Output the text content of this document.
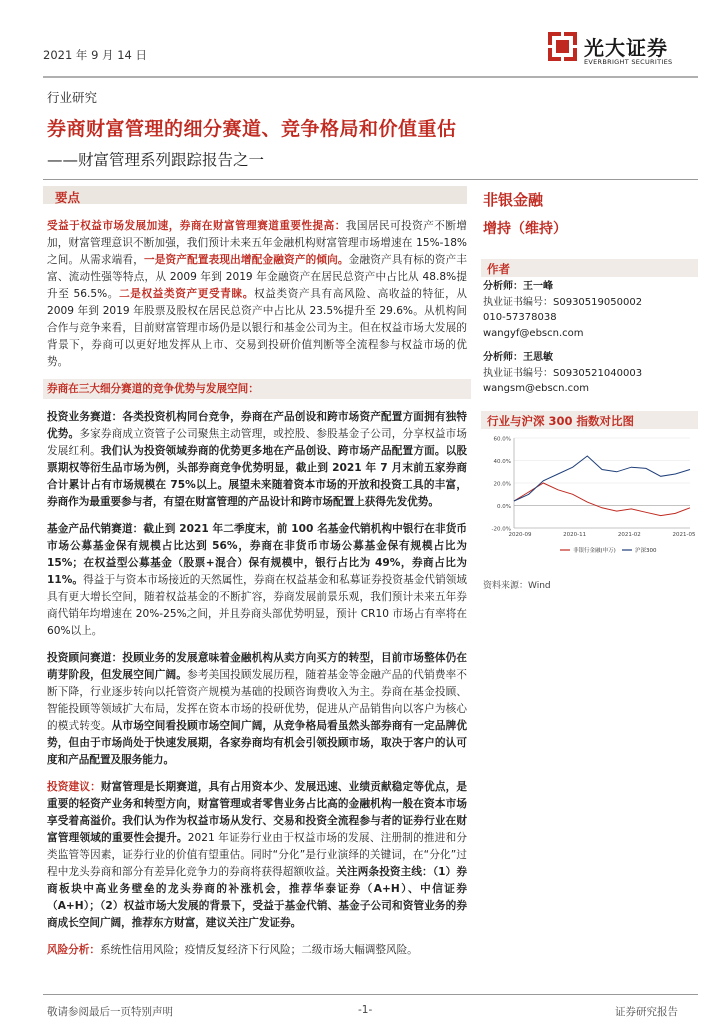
2021 年 9 月 14 日	光大证券
EVERBRIGHT SECURITIES
行业研究
券商财富管理的细分赛道、竞争格局和价值重估
——财富管理系列跟踪报告之一
要点

受益于权益市场发展加速，券商在财富管理赛道重要性提高：我国居民可投资产不断增加，财富管理意识不断加强，我们预计未来五年金融机构财富管理市场增速在 15%-18%之间。从需求端看，一是资产配置表现出增配金融资产的倾向。金融资产具有标的资产丰富、流动性强等特点，从 2009 年到 2019 年金融资产在居民总资产中占比从 48.8%提升至 56.5%。二是权益类资产更受青睐。权益类资产具有高风险、高收益的特征，从 2009 年到 2019 年股票及股权在居民总资产中占比从 23.5%提升至 29.6%。从机构间合作与竞争来看，目前财富管理市场仍是以银行和基金公司为主。但在权益市场大发展的背景下，券商可以更好地发挥从上市、交易到投研价值判断等全流程参与权益市场的优势。

券商在三大细分赛道的竞争优势与发展空间：

投资业务赛道：各类投资机构同台竞争，券商在产品创设和跨市场资产配置方面拥有独特优势。多家券商成立资管子公司聚焦主动管理，或控股、参股基金子公司，分享权益市场发展红利。我们认为投资领域券商的优势更多地在产品创设、跨市场产品配置方面。以股票期权等衍生品市场为例，头部券商竞争优势明显，截止到 2021 年 7 月末前五家券商合计累计占有市场规模在 75%以上。展望未来随着资本市场的开放和投资工具的丰富，券商作为最重要参与者，有望在财富管理的产品设计和跨市场配置上获得先发优势。

基金产品代销赛道：截止到 2021 年二季度末，前 100 名基金代销机构中银行在非货币市场公募基金保有规模占比达到 56%，券商在非货币市场公募基金保有规模占比为 15%；在权益型公募基金（股票+混合）保有规模中，银行占比为 49%，券商占比为 11%。得益于与资本市场接近的天然属性，券商在权益基金和私募证券投资基金代销领域具有更大增长空间，随着权益基金的不断扩容，券商发展前景乐观，我们预计未来五年券商代销年均增速在 20%-25%之间，并且券商头部优势明显，预计 CR10 市场占有率将在 60%以上。

投资顾问赛道：投顾业务的发展意味着金融机构从卖方向买方的转型，目前市场整体仍在萌芽阶段，但发展空间广阔。参考美国投顾发展历程，随着基金等金融产品的代销费率不断下降，行业逐步转向以托管资产规模为基础的投顾咨询费收入为主。券商在基金投顾、智能投顾等领域扩大布局，发挥在资本市场的投研优势，促进从产品销售向以客户为核心的模式转变。从市场空间看投顾市场空间广阔，从竞争格局看虽然头部券商有一定品牌优势，但由于市场尚处于快速发展期，各家券商均有机会引领投顾市场，取决于客户的认可度和产品配置及服务能力。

投资建议：财富管理是长期赛道，具有占用资本少、发展迅速、业绩贡献稳定等优点，是重要的轻资产业务和转型方向，财富管理或者零售业务占比高的金融机构一般在资本市场享受着高溢价。我们认为作为权益市场从发行、交易和投资全流程参与者的证券行业在财富管理领域的重要性会提升。2021 年证券行业由于权益市场的发展、注册制的推进和分类监管等因素，证券行业的价值有望重估。同时“分化”是行业演绎的关键词，在“分化”过程中龙头券商和部分有差异化竞争力的券商将获得超额收益。关注两条投资主线：（1）券商板块中高业务壁垒的龙头券商的补涨机会，推荐华泰证券（A+H）、中信证券（A+H）；（2）权益市场大发展的背景下，受益于基金代销、基金子公司和资管业务的券商成长空间广阔，推荐东方财富，建议关注广发证券。

风险分析：系统性信用风险；疫情反复经济下行风险；二级市场大幅调整风险。

非银金融
增持（维持）
作者
分析师：王一峰
执业证书编号：S0930519050002
010-57378038
wangyf@ebscn.com
分析师：王思敏
执业证书编号：S0930521040003
wangsm@ebscn.com
行业与沪深 300 指数对比图
60.0%
40.0%
20.0%
0.0%
-20.0%
2020-09	2020-11	2021-02	2021-05
非银行金融(申万)	沪深300
资料来源：Wind
敬请参阅最后一页特别声明	-1-	证券研究报告
